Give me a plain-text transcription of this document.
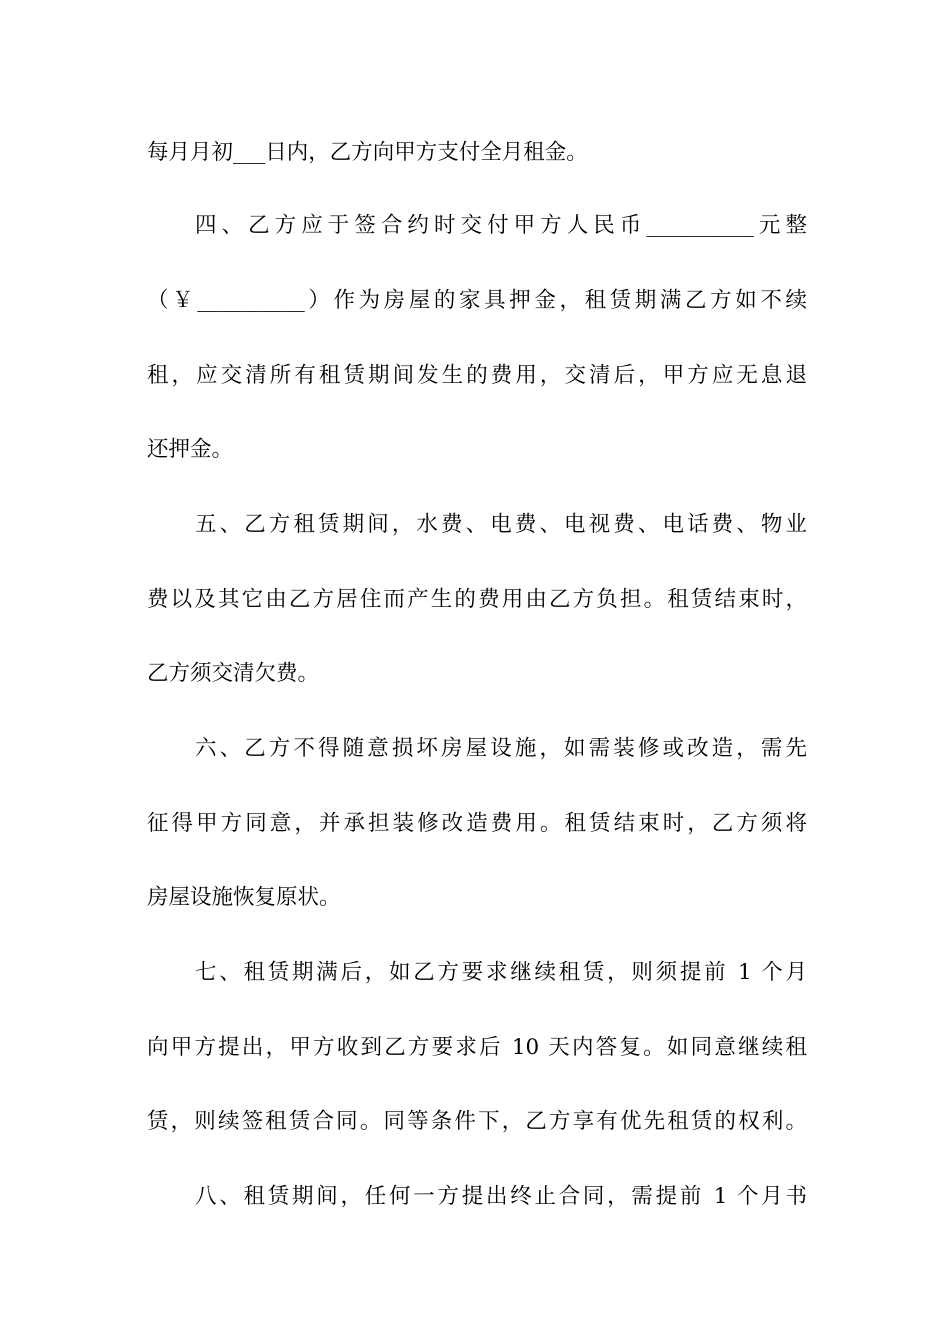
每月月初___日内，乙方向甲方支付全月租金。
四、乙方应于签合约时交付甲方人民币__________元整
（￥__________）作为房屋的家具押金，租赁期满乙方如不续
租，应交清所有租赁期间发生的费用，交清后，甲方应无息退
还押金。
五、乙方租赁期间，水费、电费、电视费、电话费、物业
费以及其它由乙方居住而产生的费用由乙方负担。租赁结束时，
乙方须交清欠费。
六、乙方不得随意损坏房屋设施，如需装修或改造，需先
征得甲方同意，并承担装修改造费用。租赁结束时，乙方须将
房屋设施恢复原状。
七、租赁期满后，如乙方要求继续租赁，则须提前 1 个月
向甲方提出，甲方收到乙方要求后 10 天内答复。如同意继续租
赁，则续签租赁合同。同等条件下，乙方享有优先租赁的权利。
八、租赁期间，任何一方提出终止合同，需提前 1 个月书
